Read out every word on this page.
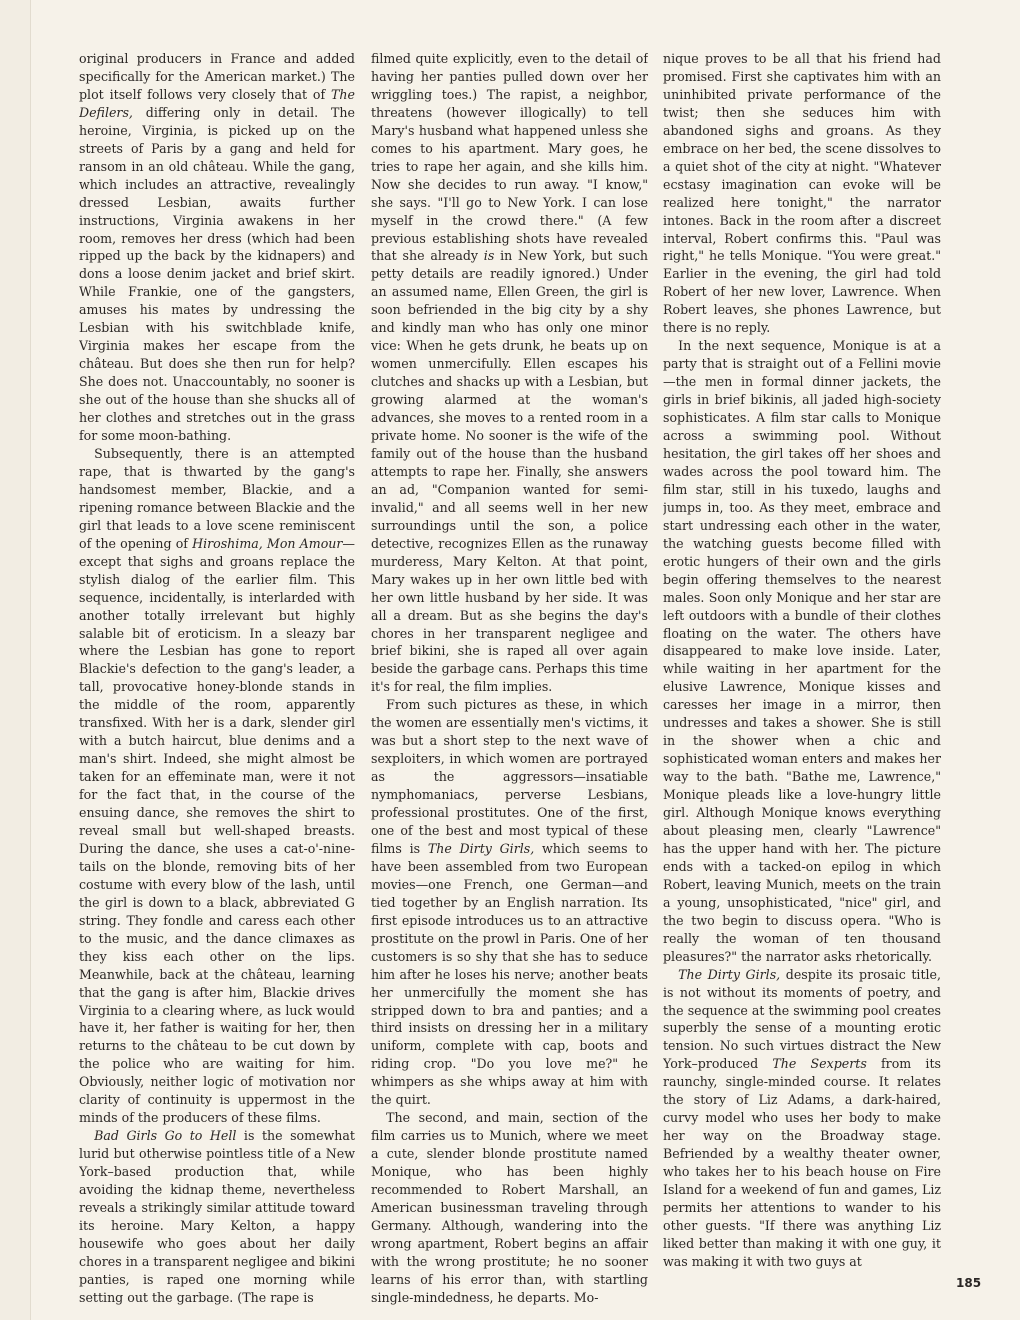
original producers in France and added specifically for the American market.) The plot itself follows very closely that of The Defilers, differing only in detail. The heroine, Virginia, is picked up on the streets of Paris by a gang and held for ransom in an old château. While the gang, which includes an attractive, revealingly dressed Lesbian, awaits further instructions, Virginia awakens in her room, removes her dress (which had been ripped up the back by the kidnapers) and dons a loose denim jacket and brief skirt. While Frankie, one of the gangsters, amuses his mates by undressing the Lesbian with his switchblade knife, Virginia makes her escape from the château. But does she then run for help? She does not. Unaccountably, no sooner is she out of the house than she shucks all of her clothes and stretches out in the grass for some moon-bathing.

Subsequently, there is an attempted rape, that is thwarted by the gang's handsomest member, Blackie, and a ripening romance between Blackie and the girl that leads to a love scene reminiscent of the opening of Hiroshima, Mon Amour—except that sighs and groans replace the stylish dialog of the earlier film. This sequence, incidentally, is interlarded with another totally irrelevant but highly salable bit of eroticism. In a sleazy bar where the Lesbian has gone to report Blackie's defection to the gang's leader, a tall, provocative honey-blonde stands in the middle of the room, apparently transfixed. With her is a dark, slender girl with a butch haircut, blue denims and a man's shirt. Indeed, she might almost be taken for an effeminate man, were it not for the fact that, in the course of the ensuing dance, she removes the shirt to reveal small but well-shaped breasts. During the dance, she uses a cat-o'-nine-tails on the blonde, removing bits of her costume with every blow of the lash, until the girl is down to a black, abbreviated G string. They fondle and caress each other to the music, and the dance climaxes as they kiss each other on the lips. Meanwhile, back at the château, learning that the gang is after him, Blackie drives Virginia to a clearing where, as luck would have it, her father is waiting for her, then returns to the château to be cut down by the police who are waiting for him. Obviously, neither logic of motivation nor clarity of continuity is uppermost in the minds of the producers of these films.

Bad Girls Go to Hell is the somewhat lurid but otherwise pointless title of a New York–based production that, while avoiding the kidnap theme, nevertheless reveals a strikingly similar attitude toward its heroine. Mary Kelton, a happy housewife who goes about her daily chores in a transparent negligee and bikini panties, is raped one morning while setting out the garbage. (The rape is

filmed quite explicitly, even to the detail of having her panties pulled down over her wriggling toes.) The rapist, a neighbor, threatens (however illogically) to tell Mary's husband what happened unless she comes to his apartment. Mary goes, he tries to rape her again, and she kills him. Now she decides to run away. "I know," she says. "I'll go to New York. I can lose myself in the crowd there." (A few previous establishing shots have revealed that she already is in New York, but such petty details are readily ignored.) Under an assumed name, Ellen Green, the girl is soon befriended in the big city by a shy and kindly man who has only one minor vice: When he gets drunk, he beats up on women unmercifully. Ellen escapes his clutches and shacks up with a Lesbian, but growing alarmed at the woman's advances, she moves to a rented room in a private home. No sooner is the wife of the family out of the house than the husband attempts to rape her. Finally, she answers an ad, "Companion wanted for semi-invalid," and all seems well in her new surroundings until the son, a police detective, recognizes Ellen as the runaway murderess, Mary Kelton. At that point, Mary wakes up in her own little bed with her own little husband by her side. It was all a dream. But as she begins the day's chores in her transparent negligee and brief bikini, she is raped all over again beside the garbage cans. Perhaps this time it's for real, the film implies.

From such pictures as these, in which the women are essentially men's victims, it was but a short step to the next wave of sexploiters, in which women are portrayed as the aggressors—insatiable nymphomaniacs, perverse Lesbians, professional prostitutes. One of the first, one of the best and most typical of these films is The Dirty Girls, which seems to have been assembled from two European movies—one French, one German—and tied together by an English narration. Its first episode introduces us to an attractive prostitute on the prowl in Paris. One of her customers is so shy that she has to seduce him after he loses his nerve; another beats her unmercifully the moment she has stripped down to bra and panties; and a third insists on dressing her in a military uniform, complete with cap, boots and riding crop. "Do you love me?" he whimpers as she whips away at him with the quirt.

The second, and main, section of the film carries us to Munich, where we meet a cute, slender blonde prostitute named Monique, who has been highly recommended to Robert Marshall, an American businessman traveling through Germany. Although, wandering into the wrong apartment, Robert begins an affair with the wrong prostitute; he no sooner learns of his error than, with startling single-mindedness, he departs. Mo-

nique proves to be all that his friend had promised. First she captivates him with an uninhibited private performance of the twist; then she seduces him with abandoned sighs and groans. As they embrace on her bed, the scene dissolves to a quiet shot of the city at night. "Whatever ecstasy imagination can evoke will be realized here tonight," the narrator intones. Back in the room after a discreet interval, Robert confirms this. "Paul was right," he tells Monique. "You were great." Earlier in the evening, the girl had told Robert of her new lover, Lawrence. When Robert leaves, she phones Lawrence, but there is no reply.

In the next sequence, Monique is at a party that is straight out of a Fellini movie—the men in formal dinner jackets, the girls in brief bikinis, all jaded high-society sophisticates. A film star calls to Monique across a swimming pool. Without hesitation, the girl takes off her shoes and wades across the pool toward him. The film star, still in his tuxedo, laughs and jumps in, too. As they meet, embrace and start undressing each other in the water, the watching guests become filled with erotic hungers of their own and the girls begin offering themselves to the nearest males. Soon only Monique and her star are left outdoors with a bundle of their clothes floating on the water. The others have disappeared to make love inside. Later, while waiting in her apartment for the elusive Lawrence, Monique kisses and caresses her image in a mirror, then undresses and takes a shower. She is still in the shower when a chic and sophisticated woman enters and makes her way to the bath. "Bathe me, Lawrence," Monique pleads like a love-hungry little girl. Although Monique knows everything about pleasing men, clearly "Lawrence" has the upper hand with her. The picture ends with a tacked-on epilog in which Robert, leaving Munich, meets on the train a young, unsophisticated, "nice" girl, and the two begin to discuss opera. "Who is really the woman of ten thousand pleasures?" the narrator asks rhetorically.

The Dirty Girls, despite its prosaic title, is not without its moments of poetry, and the sequence at the swimming pool creates superbly the sense of a mounting erotic tension. No such virtues distract the New York–produced The Sexperts from its raunchy, single-minded course. It relates the story of Liz Adams, a dark-haired, curvy model who uses her body to make her way on the Broadway stage. Befriended by a wealthy theater owner, who takes her to his beach house on Fire Island for a weekend of fun and games, Liz permits her attentions to wander to his other guests. "If there was anything Liz liked better than making it with one guy, it was making it with two guys at

185
